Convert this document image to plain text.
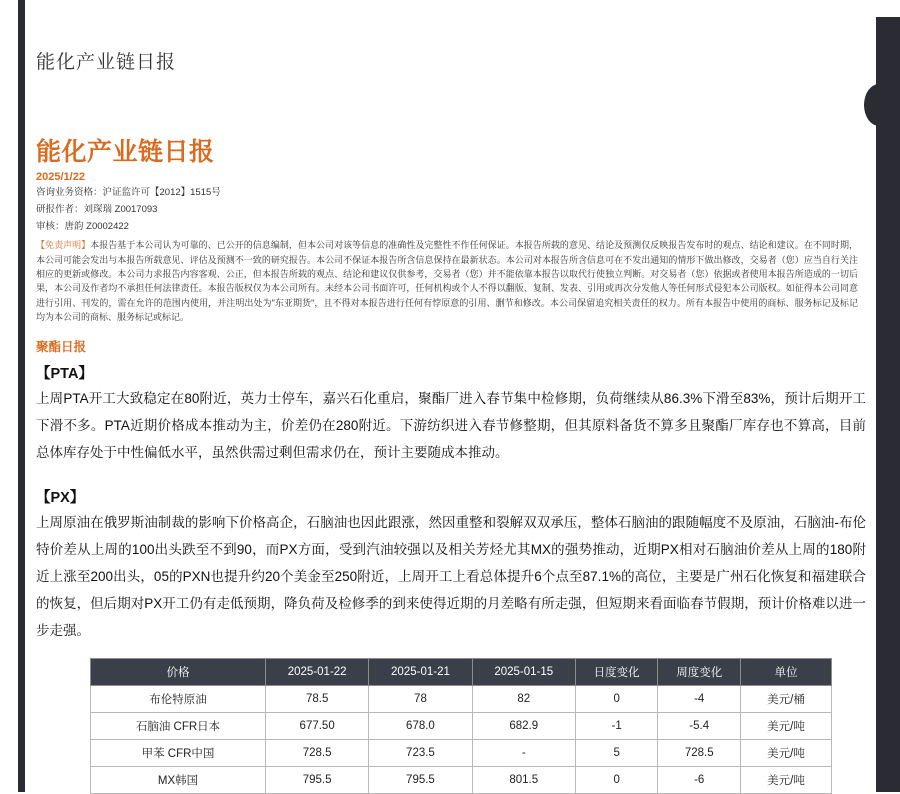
能化产业链日报
能化产业链日报
2025/1/22
咨询业务资格：沪证监许可【2012】1515号
研报作者：刘琛瑞 Z0017093
审核：唐韵 Z0002422
【免责声明】本报告基于本公司认为可靠的、已公开的信息编制，但本公司对该等信息的准确性及完整性不作任何保证。本报告所载的意见、结论及预测仅反映报告发布时的观点、结论和建议。在不同时期，本公司可能会发出与本报告所载意见、评估及预测不一致的研究报告。本公司不保证本报告所含信息保持在最新状态。本公司对本报告所含信息可在不发出通知的情形下做出修改，交易者（您）应当自行关注相应的更新或修改。本公司力求报告内容客观、公正，但本报告所载的观点、结论和建议仅供参考，交易者（您）并不能依靠本报告以取代行使独立判断。对交易者（您）依据或者使用本报告所造成的一切后果，本公司及作者均不承担任何法律责任。本报告版权仅为本公司所有。未经本公司书面许可，任何机构或个人不得以翻版、复制、发表、引用或再次分发他人等任何形式侵犯本公司版权。如征得本公司同意进行引用、刊发的，需在允许的范围内使用，并注明出处为"东亚期货"，且不得对本报告进行任何有悖原意的引用、删节和修改。本公司保留追究相关责任的权力。所有本报告中使用的商标、服务标记及标记均为本公司的商标、服务标记或标记。
聚酯日报
【PTA】
上周PTA开工大致稳定在80附近，英力士停车，嘉兴石化重启，聚酯厂进入春节集中检修期，负荷继续从86.3%下滑至83%，预计后期开工下滑不多。PTA近期价格成本推动为主，价差仍在280附近。下游纺织进入春节修整期，但其原料备货不算多且聚酯厂库存也不算高，目前总体库存处于中性偏低水平，虽然供需过剩但需求仍在，预计主要随成本推动。
【PX】
上周原油在俄罗斯油制裁的影响下价格高企，石脑油也因此跟涨，然因重整和裂解双双承压，整体石脑油的跟随幅度不及原油，石脑油-布伦特价差从上周的100出头跌至不到90，而PX方面，受到汽油较强以及相关芳烃尤其MX的强势推动，近期PX相对石脑油价差从上周的180附近上涨至200出头，05的PXN也提升约20个美金至250附近，上周开工上看总体提升6个点至87.1%的高位，主要是广州石化恢复和福建联合的恢复，但后期对PX开工仍有走低预期，降负荷及检修季的到来使得近期的月差略有所走强，但短期来看面临春节假期，预计价格难以进一步走强。
价格	2025-01-22	2025-01-21	2025-01-15	日度变化	周度变化	单位
布伦特原油	78.5	78	82	0	-4	美元/桶
石脑油 CFR日本	677.50	678.0	682.9	-1	-5.4	美元/吨
甲苯 CFR中国	728.5	723.5	-	5	728.5	美元/吨
MX韩国	795.5	795.5	801.5	0	-6	美元/吨
